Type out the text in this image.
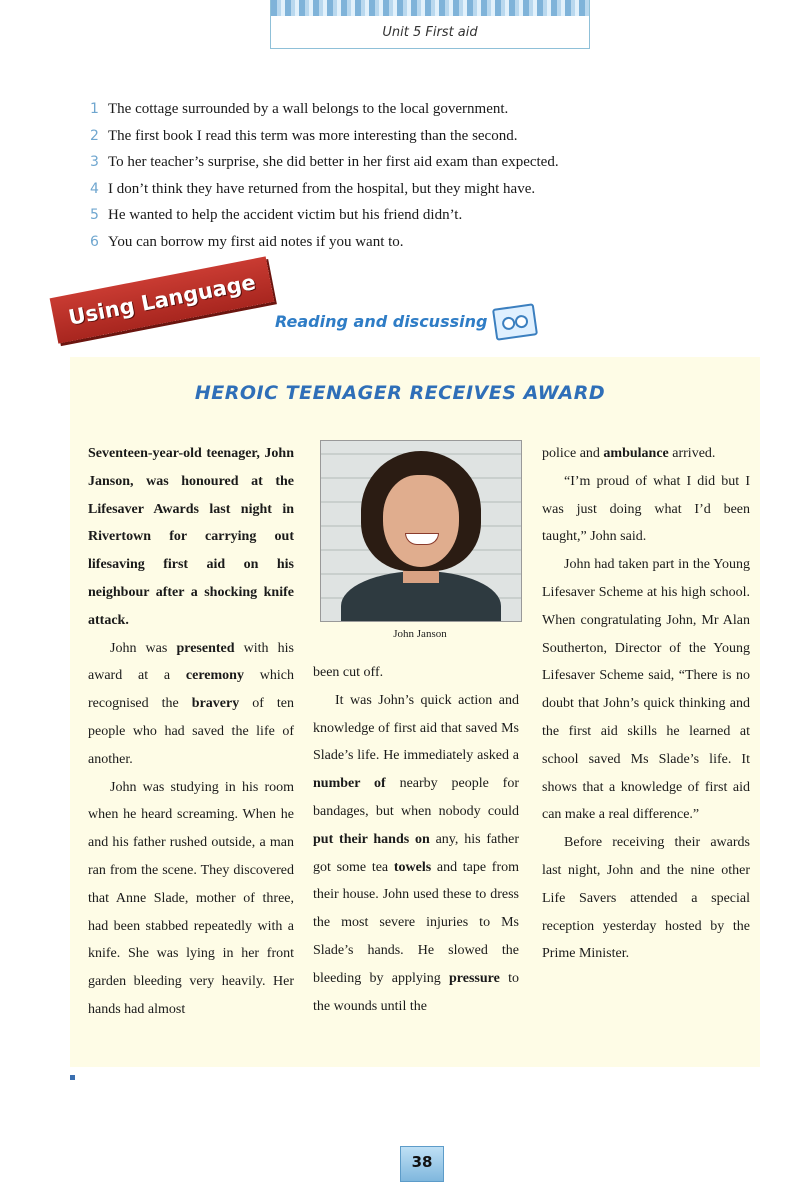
Unit 5 First aid
1 The cottage surrounded by a wall belongs to the local government.
2 The first book I read this term was more interesting than the second.
3 To her teacher’s surprise, she did better in her first aid exam than expected.
4 I don’t think they have returned from the hospital, but they might have.
5 He wanted to help the accident victim but his friend didn’t.
6 You can borrow my first aid notes if you want to.
Using Language Reading and discussing
HEROIC TEENAGER RECEIVES AWARD

Seventeen-year-old teenager, John Janson, was honoured at the Lifesaver Awards last night in Rivertown for carrying out lifesaving first aid on his neighbour after a shocking knife attack.

John was presented with his award at a ceremony which recognised the bravery of ten people who had saved the life of another.

John was studying in his room when he heard screaming. When he and his father rushed outside, a man ran from the scene. They discovered that Anne Slade, mother of three, had been stabbed repeatedly with a knife. She was lying in her front garden bleeding very heavily. Her hands had almost

John Janson

been cut off.

It was John’s quick action and knowledge of first aid that saved Ms Slade’s life. He immediately asked a number of nearby people for bandages, but when nobody could put their hands on any, his father got some tea towels and tape from their house. John used these to dress the most severe injuries to Ms Slade’s hands. He slowed the bleeding by applying pressure to the wounds until the

police and ambulance arrived.

“I’m proud of what I did but I was just doing what I’d been taught,” John said.

John had taken part in the Young Lifesaver Scheme at his high school. When congratulating John, Mr Alan Southerton, Director of the Young Lifesaver Scheme said, “There is no doubt that John’s quick thinking and the first aid skills he learned at school saved Ms Slade’s life. It shows that a knowledge of first aid can make a real difference.”

Before receiving their awards last night, John and the nine other Life Savers attended a special reception yesterday hosted by the Prime Minister.

38
